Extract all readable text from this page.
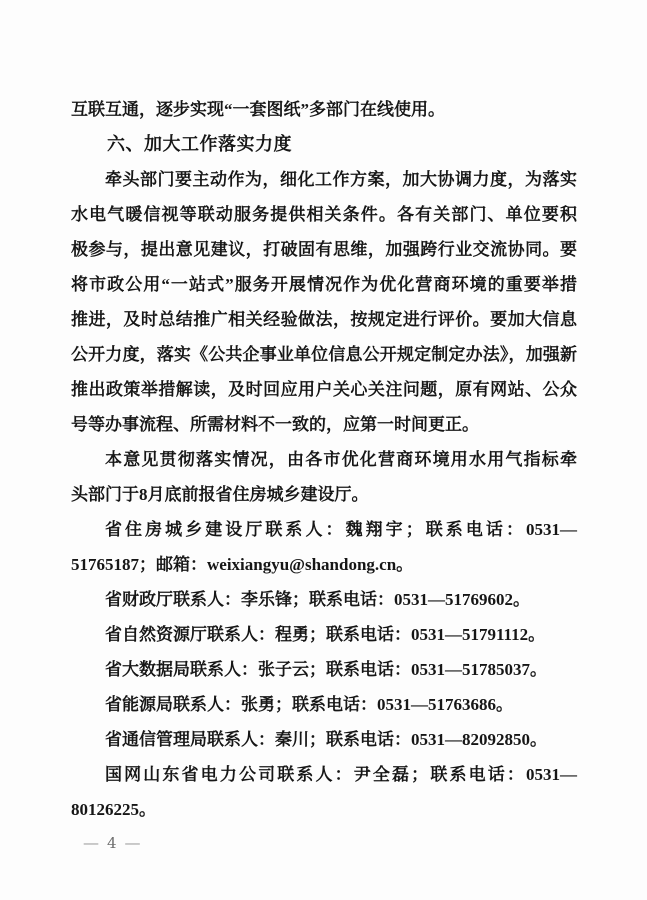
互联互通，逐步实现“一套图纸”多部门在线使用。
六、加大工作落实力度
牵头部门要主动作为，细化工作方案，加大协调力度，为落实
水电气暖信视等联动服务提供相关条件。各有关部门、单位要积
极参与，提出意见建议，打破固有思维，加强跨行业交流协同。要
将市政公用“一站式”服务开展情况作为优化营商环境的重要举措
推进，及时总结推广相关经验做法，按规定进行评价。要加大信息
公开力度，落实《公共企事业单位信息公开规定制定办法》，加强新
推出政策举措解读，及时回应用户关心关注问题，原有网站、公众
号等办事流程、所需材料不一致的，应第一时间更正。
本意见贯彻落实情况，由各市优化营商环境用水用气指标牵
头部门于8月底前报省住房城乡建设厅。
省住房城乡建设厅联系人：魏翔宇；联系电话：0531—
51765187；邮箱：weixiangyu@shandong.cn。
省财政厅联系人：李乐锋；联系电话：0531—51769602。
省自然资源厅联系人：程勇；联系电话：0531—51791112。
省大数据局联系人：张子云；联系电话：0531—51785037。
省能源局联系人：张勇；联系电话：0531—51763686。
省通信管理局联系人：秦川；联系电话：0531—82092850。
国网山东省电力公司联系人：尹全磊；联系电话：0531—
80126225。
— 4 —
